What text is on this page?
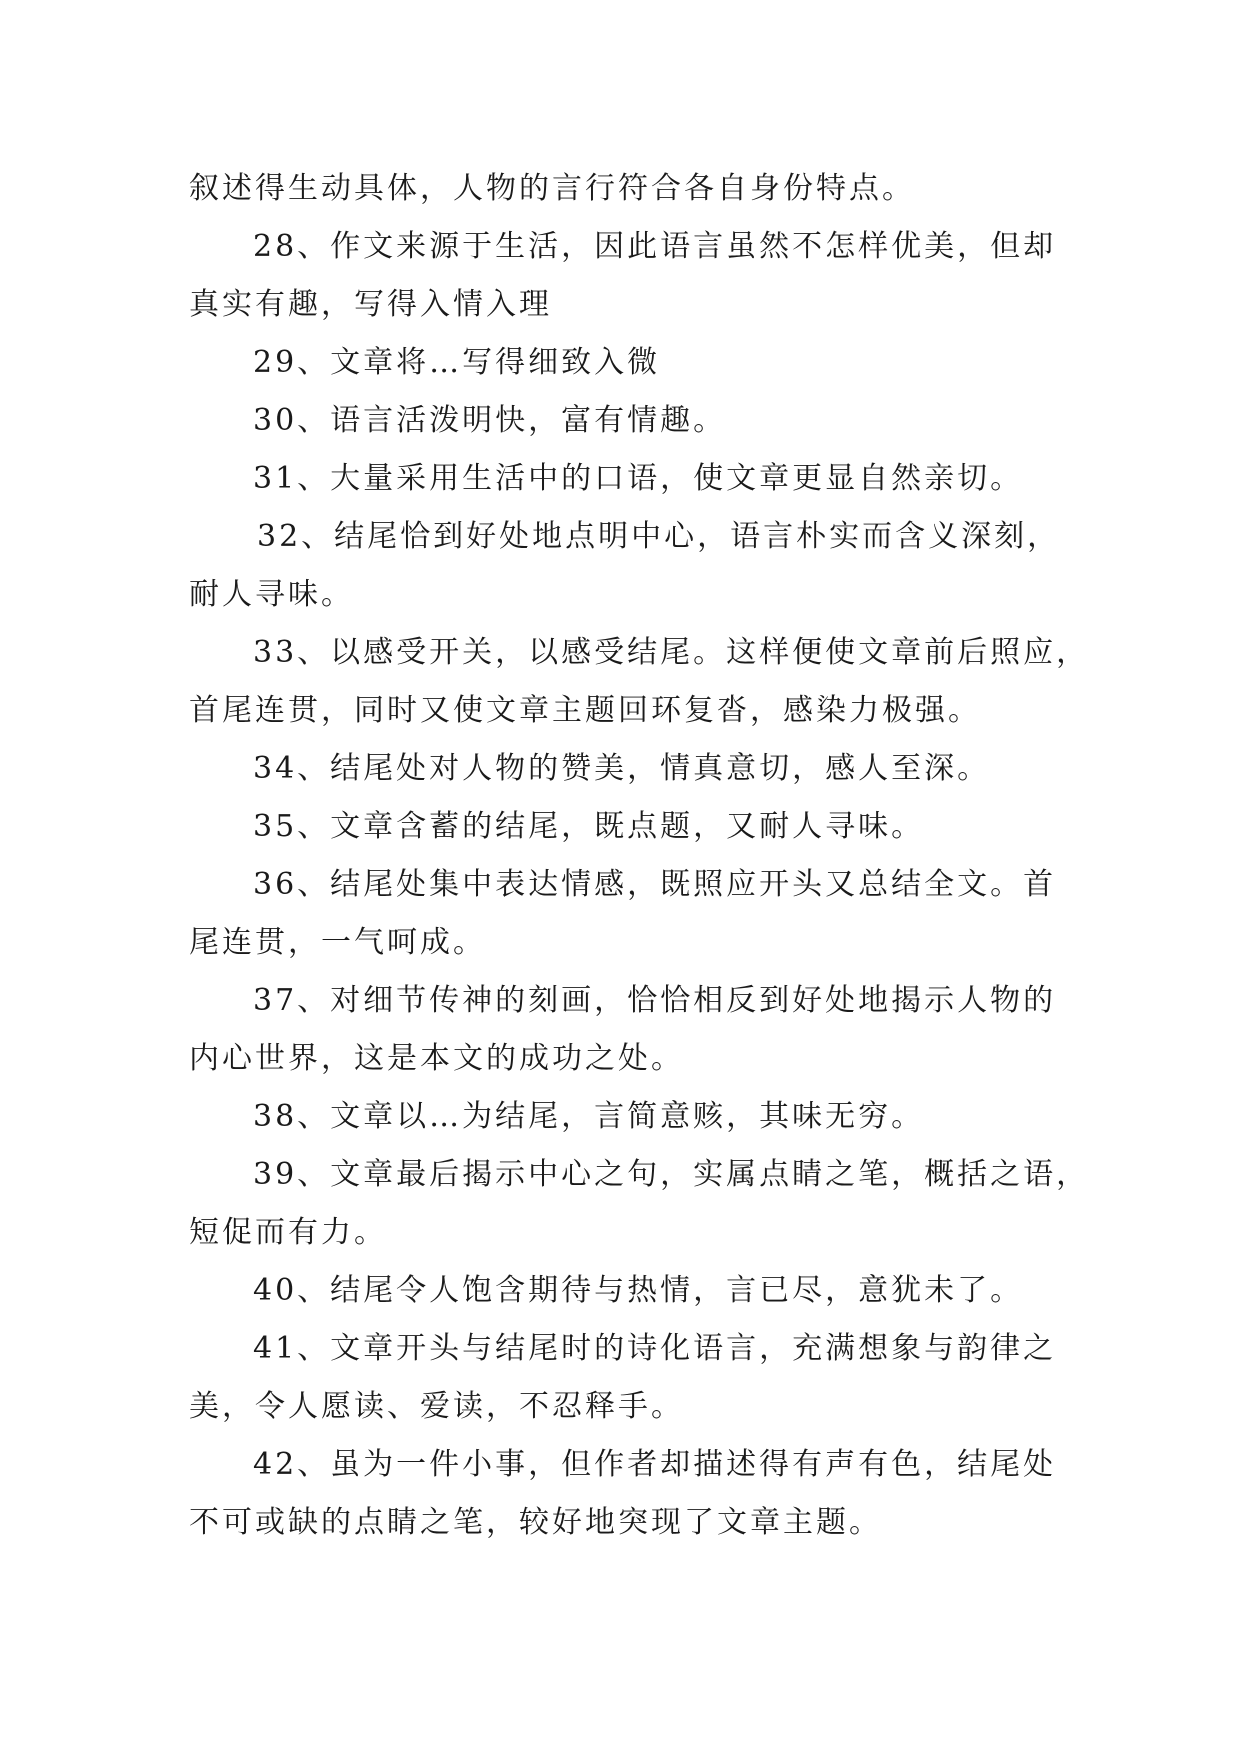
叙述得生动具体，人物的言行符合各自身份特点。
28、作文来源于生活，因此语言虽然不怎样优美，但却
真实有趣，写得入情入理
29、文章将…写得细致入微
30、语言活泼明快，富有情趣。
31、大量采用生活中的口语，使文章更显自然亲切。
32、结尾恰到好处地点明中心，语言朴实而含义深刻，
耐人寻味。
33、以感受开关，以感受结尾。这样便使文章前后照应，
首尾连贯，同时又使文章主题回环复沓，感染力极强。
34、结尾处对人物的赞美，情真意切，感人至深。
35、文章含蓄的结尾，既点题，又耐人寻味。
36、结尾处集中表达情感，既照应开头又总结全文。首
尾连贯，一气呵成。
37、对细节传神的刻画，恰恰相反到好处地揭示人物的
内心世界，这是本文的成功之处。
38、文章以…为结尾，言简意赅，其味无穷。
39、文章最后揭示中心之句，实属点睛之笔，概括之语，
短促而有力。
40、结尾令人饱含期待与热情，言已尽，意犹未了。
41、文章开头与结尾时的诗化语言，充满想象与韵律之
美，令人愿读、爱读，不忍释手。
42、虽为一件小事，但作者却描述得有声有色，结尾处
不可或缺的点睛之笔，较好地突现了文章主题。
